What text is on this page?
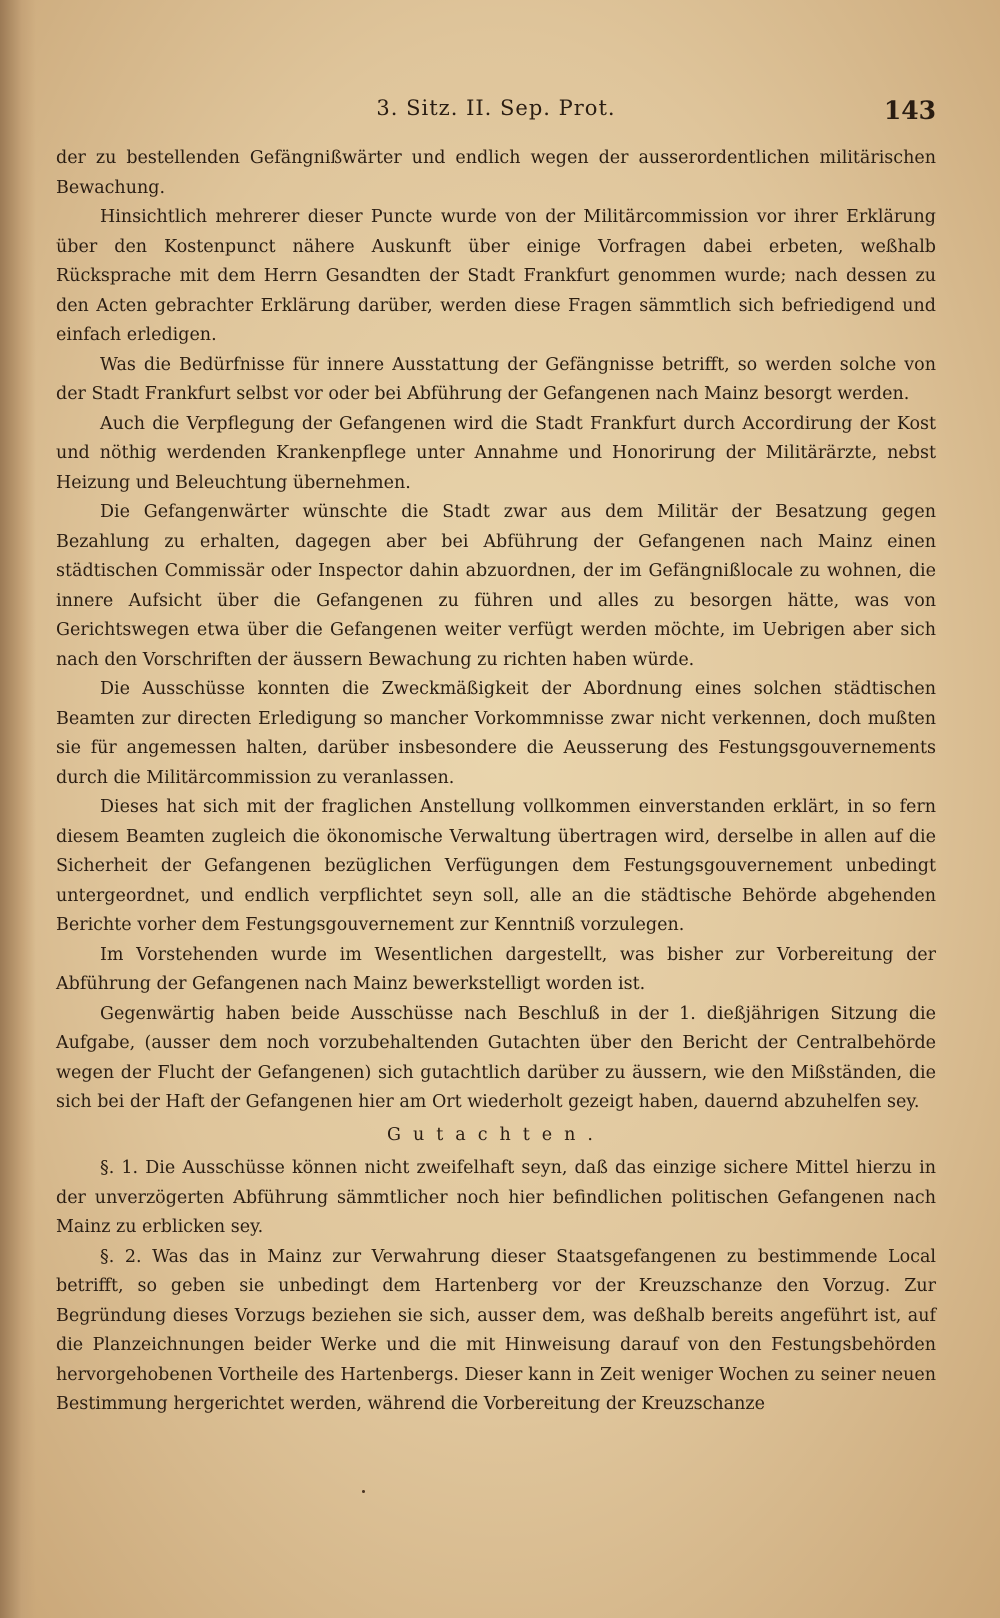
3. Sitz. II. Sep. Prot.	143

der zu bestellenden Gefängnißwärter und endlich wegen der ausserordentlichen militärischen Bewachung.

Hinsichtlich mehrerer dieser Puncte wurde von der Militärcommission vor ihrer Erklärung über den Kostenpunct nähere Auskunft über einige Vorfragen dabei erbeten, weßhalb Rücksprache mit dem Herrn Gesandten der Stadt Frankfurt genommen wurde; nach dessen zu den Acten gebrachter Erklärung darüber, werden diese Fragen sämmtlich sich befriedigend und einfach erledigen.

Was die Bedürfnisse für innere Ausstattung der Gefängnisse betrifft, so werden solche von der Stadt Frankfurt selbst vor oder bei Abführung der Gefangenen nach Mainz besorgt werden.

Auch die Verpflegung der Gefangenen wird die Stadt Frankfurt durch Accordirung der Kost und nöthig werdenden Krankenpflege unter Annahme und Honorirung der Militärärzte, nebst Heizung und Beleuchtung übernehmen.

Die Gefangenwärter wünschte die Stadt zwar aus dem Militär der Besatzung gegen Bezahlung zu erhalten, dagegen aber bei Abführung der Gefangenen nach Mainz einen städtischen Commissär oder Inspector dahin abzuordnen, der im Gefängnißlocale zu wohnen, die innere Aufsicht über die Gefangenen zu führen und alles zu besorgen hätte, was von Gerichtswegen etwa über die Gefangenen weiter verfügt werden möchte, im Uebrigen aber sich nach den Vorschriften der äussern Bewachung zu richten haben würde.

Die Ausschüsse konnten die Zweckmäßigkeit der Abordnung eines solchen städtischen Beamten zur directen Erledigung so mancher Vorkommnisse zwar nicht verkennen, doch mußten sie für angemessen halten, darüber insbesondere die Aeusserung des Festungsgouvernements durch die Militärcommission zu veranlassen.

Dieses hat sich mit der fraglichen Anstellung vollkommen einverstanden erklärt, in so fern diesem Beamten zugleich die ökonomische Verwaltung übertragen wird, derselbe in allen auf die Sicherheit der Gefangenen bezüglichen Verfügungen dem Festungsgouvernement unbedingt untergeordnet, und endlich verpflichtet seyn soll, alle an die städtische Behörde abgehenden Berichte vorher dem Festungsgouvernement zur Kenntniß vorzulegen.

Im Vorstehenden wurde im Wesentlichen dargestellt, was bisher zur Vorbereitung der Abführung der Gefangenen nach Mainz bewerkstelligt worden ist.

Gegenwärtig haben beide Ausschüsse nach Beschluß in der 1. dießjährigen Sitzung die Aufgabe, (ausser dem noch vorzubehaltenden Gutachten über den Bericht der Centralbehörde wegen der Flucht der Gefangenen) sich gutachtlich darüber zu äussern, wie den Mißständen, die sich bei der Haft der Gefangenen hier am Ort wiederholt gezeigt haben, dauernd abzuhelfen sey.

Gutachten.

§. 1. Die Ausschüsse können nicht zweifelhaft seyn, daß das einzige sichere Mittel hierzu in der unverzögerten Abführung sämmtlicher noch hier befindlichen politischen Gefangenen nach Mainz zu erblicken sey.

§. 2. Was das in Mainz zur Verwahrung dieser Staatsgefangenen zu bestimmende Local betrifft, so geben sie unbedingt dem Hartenberg vor der Kreuzschanze den Vorzug. Zur Begründung dieses Vorzugs beziehen sie sich, ausser dem, was deßhalb bereits angeführt ist, auf die Planzeichnungen beider Werke und die mit Hinweisung darauf von den Festungsbehörden hervorgehobenen Vortheile des Hartenbergs. Dieser kann in Zeit weniger Wochen zu seiner neuen Bestimmung hergerichtet werden, während die Vorbereitung der Kreuzschanze
